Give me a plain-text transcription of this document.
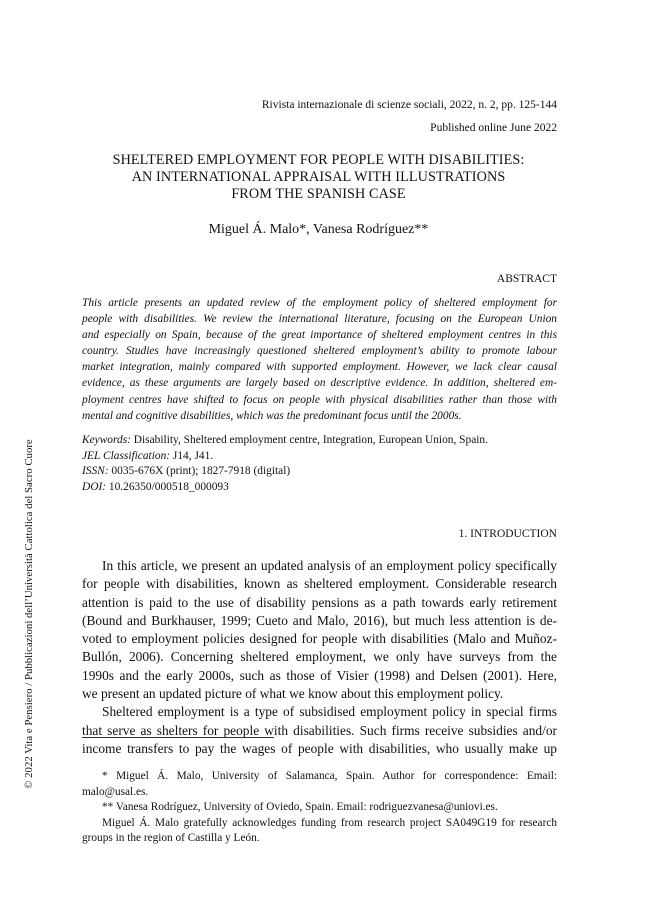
Rivista internazionale di scienze sociali, 2022, n. 2, pp. 125-144
Published online June 2022
SHELTERED EMPLOYMENT FOR PEOPLE WITH DISABILITIES:
AN INTERNATIONAL APPRAISAL WITH ILLUSTRATIONS
FROM THE SPANISH CASE
Miguel Á. Malo*, Vanesa Rodríguez**
ABSTRACT
This article presents an updated review of the employment policy of sheltered employment for
people with disabilities. We review the international literature, focusing on the European Union
and especially on Spain, because of the great importance of sheltered employment centres in this
country. Studies have increasingly questioned sheltered employment’s ability to promote labour
market integration, mainly compared with supported employment. However, we lack clear causal
evidence, as these arguments are largely based on descriptive evidence. In addition, sheltered em-
ployment centres have shifted to focus on people with physical disabilities rather than those with
mental and cognitive disabilities, which was the predominant focus until the 2000s.
Keywords: Disability, Sheltered employment centre, Integration, European Union, Spain.
JEL Classification: J14, J41.
ISSN: 0035-676X (print); 1827-7918 (digital)
DOI: 10.26350/000518_000093
1. INTRODUCTION
In this article, we present an updated analysis of an employment policy specifically
for people with disabilities, known as sheltered employment. Considerable research
attention is paid to the use of disability pensions as a path towards early retirement
(Bound and Burkhauser, 1999; Cueto and Malo, 2016), but much less attention is de-
voted to employment policies designed for people with disabilities (Malo and Muñoz-
Bullón, 2006). Concerning sheltered employment, we only have surveys from the
1990s and the early 2000s, such as those of Visier (1998) and Delsen (2001). Here,
we present an updated picture of what we know about this employment policy.
Sheltered employment is a type of subsidised employment policy in special firms
that serve as shelters for people with disabilities. Such firms receive subsidies and/or
income transfers to pay the wages of people with disabilities, who usually make up
* Miguel Á. Malo, University of Salamanca, Spain. Author for correspondence: Email:
malo@usal.es.
** Vanesa Rodríguez, University of Oviedo, Spain. Email: rodriguezvanesa@uniovi.es.
Miguel Á. Malo gratefully acknowledges funding from research project SA049G19 for research
groups in the region of Castilla y León.
© 2022 Vita e Pensiero / Pubblicazioni dell’Università Cattolica del Sacro Cuore
